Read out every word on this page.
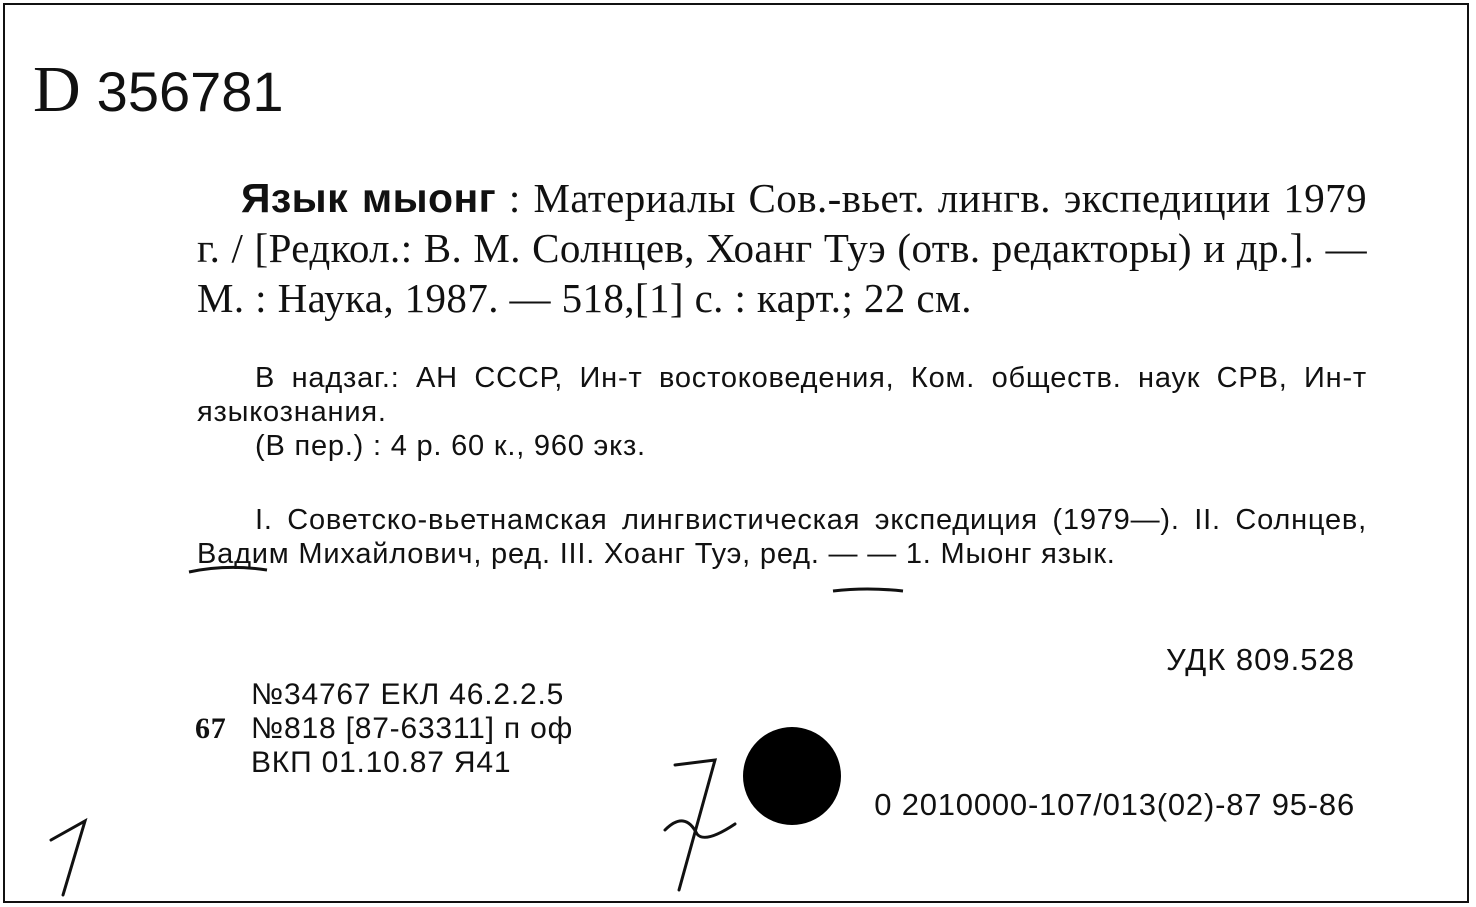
D 356781
Язык мыонг : Материалы Сов.-вьет. лингв. экспедиции 1979 г. / [Редкол.: В. М. Солнцев, Хоанг Туэ (отв. редакторы) и др.]. — М. : Наука, 1987. — 518,[1] с. : карт.; 22 см.
В надзаг.: АН СССР, Ин-т востоковедения, Ком. обществ. наук СРВ, Ин-т языкознания.
(В пер.) : 4 р. 60 к., 960 экз.
I. Советско-вьетнамская лингвистическая экспедиция (1979—). II. Солнцев, Вадим Михайлович, ред. III. Хоанг Туэ, ред. — — 1. Мыонг язык.
УДК 809.528
№34767 ЕКЛ 46.2.2.5
67 №818 [87-63311] п оф
ВКП 01.10.87 Я41
0 2010000-107/013(02)-87 95-86
